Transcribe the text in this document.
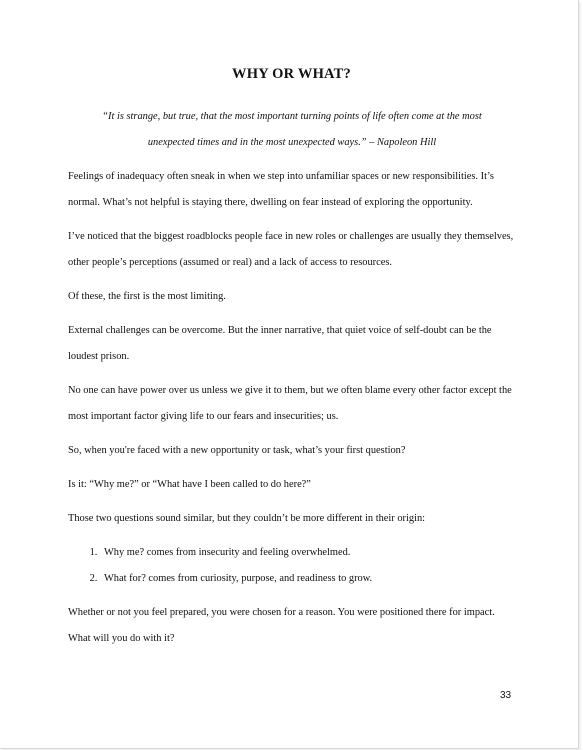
WHY OR WHAT?
“It is strange, but true, that the most important turning points of life often come at the most
unexpected times and in the most unexpected ways.” – Napoleon Hill

Feelings of inadequacy often sneak in when we step into unfamiliar spaces or new responsibilities. It’s normal. What’s not helpful is staying there, dwelling on fear instead of exploring the opportunity.

I’ve noticed that the biggest roadblocks people face in new roles or challenges are usually they themselves, other people’s perceptions (assumed or real) and a lack of access to resources.

Of these, the first is the most limiting.

External challenges can be overcome. But the inner narrative, that quiet voice of self-doubt can be the loudest prison.

No one can have power over us unless we give it to them, but we often blame every other factor except the most important factor giving life to our fears and insecurities; us.

So, when you're faced with a new opportunity or task, what’s your first question?

Is it: “Why me?” or “What have I been called to do here?”

Those two questions sound similar, but they couldn’t be more different in their origin:

1. Why me? comes from insecurity and feeling overwhelmed.
2. What for? comes from curiosity, purpose, and readiness to grow.

Whether or not you feel prepared, you were chosen for a reason. You were positioned there for impact. What will you do with it?

33
